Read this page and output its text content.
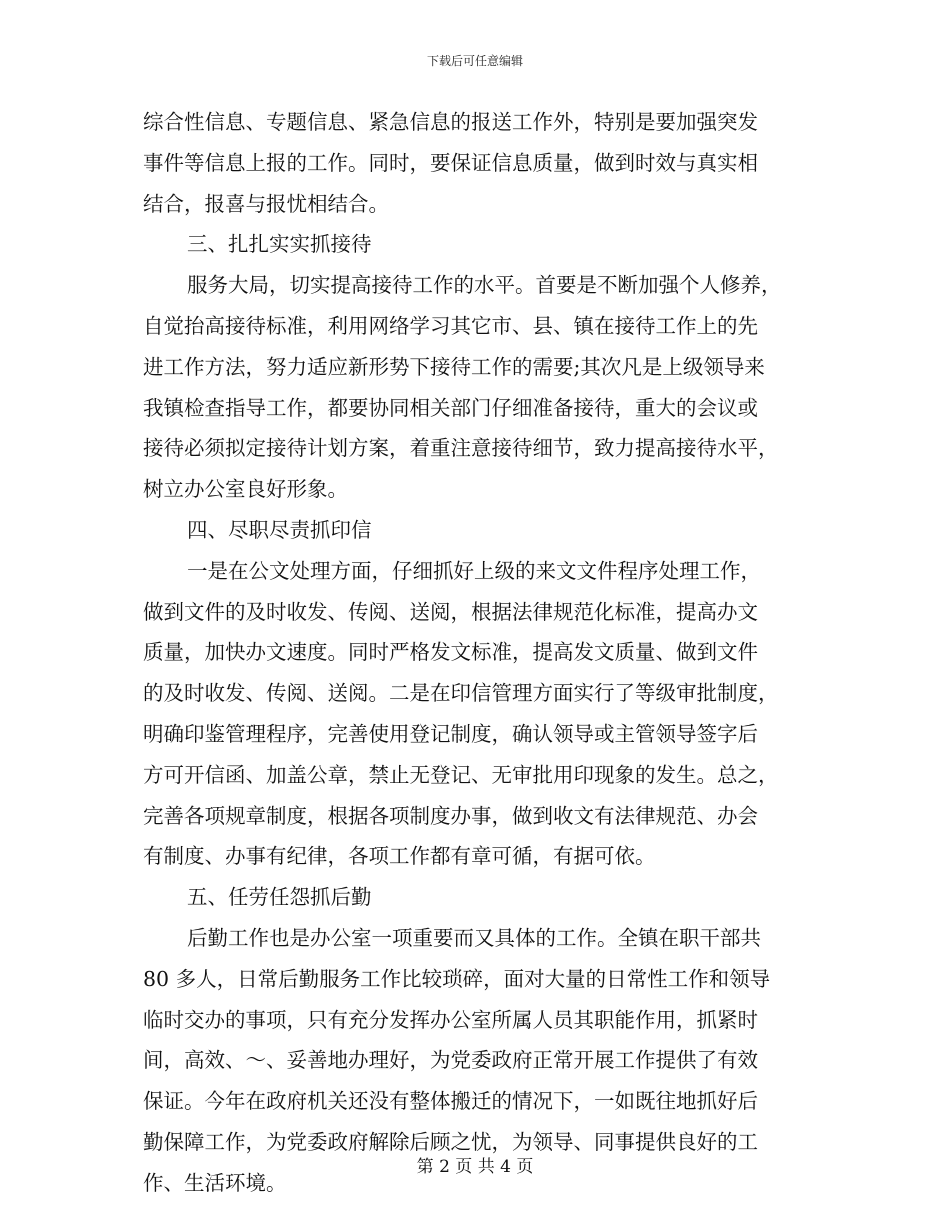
下载后可任意编辑
综合性信息、专题信息、紧急信息的报送工作外，特别是要加强突发
事件等信息上报的工作。同时，要保证信息质量，做到时效与真实相
结合，报喜与报忧相结合。
三、扎扎实实抓接待
服务大局，切实提高接待工作的水平。首要是不断加强个人修养，
自觉抬高接待标准，利用网络学习其它市、县、镇在接待工作上的先
进工作方法，努力适应新形势下接待工作的需要;其次凡是上级领导来
我镇检查指导工作，都要协同相关部门仔细准备接待，重大的会议或
接待必须拟定接待计划方案，着重注意接待细节，致力提高接待水平，
树立办公室良好形象。
四、尽职尽责抓印信
一是在公文处理方面，仔细抓好上级的来文文件程序处理工作，
做到文件的及时收发、传阅、送阅，根据法律规范化标准，提高办文
质量，加快办文速度。同时严格发文标准，提高发文质量、做到文件
的及时收发、传阅、送阅。二是在印信管理方面实行了等级审批制度，
明确印鉴管理程序，完善使用登记制度，确认领导或主管领导签字后
方可开信函、加盖公章，禁止无登记、无审批用印现象的发生。总之，
完善各项规章制度，根据各项制度办事，做到收文有法律规范、办会
有制度、办事有纪律，各项工作都有章可循，有据可依。
五、任劳任怨抓后勤
后勤工作也是办公室一项重要而又具体的工作。全镇在职干部共
80 多人，日常后勤服务工作比较琐碎，面对大量的日常性工作和领导
临时交办的事项，只有充分发挥办公室所属人员其职能作用，抓紧时
间，高效、～、妥善地办理好，为党委政府正常开展工作提供了有效
保证。今年在政府机关还没有整体搬迁的情况下，一如既往地抓好后
勤保障工作，为党委政府解除后顾之忧，为领导、同事提供良好的工
作、生活环境。
第 2 页 共 4 页
